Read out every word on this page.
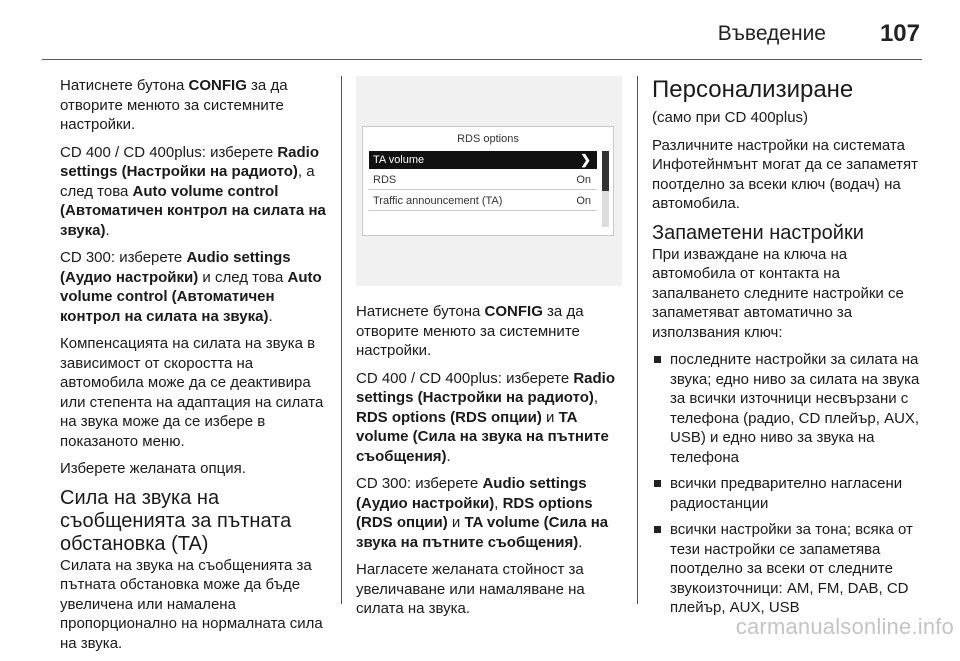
Въведение 107

Натиснете бутона CONFIG за да отворите менюто за системните настройки.

CD 400 / CD 400plus: изберете Radio settings (Настройки на радиото), а след това Auto volume control (Автоматичен контрол на силата на звука).

CD 300: изберете Audio settings (Аудио настройки) и след това Auto volume control (Автоматичен контрол на силата на звука).

Компенсацията на силата на звука в зависимост от скоростта на автомобила може да се деактивира или степента на адаптация на силата на звука може да се избере в показаното меню.

Изберете желаната опция.

Сила на звука на съобщенията за пътната обстановка (TA)

Силата на звука на съобщенията за пътната обстановка може да бъде увеличена или намалена пропорционално на нормалната сила на звука.

RDS options
TA volume	❯
RDS	On
Traffic announcement (TA)	On

Натиснете бутона CONFIG за да отворите менюто за системните настройки.

CD 400 / CD 400plus: изберете Radio settings (Настройки на радиото), RDS options (RDS опции) и TA volume (Сила на звука на пътните съобщения).

CD 300: изберете Audio settings (Аудио настройки), RDS options (RDS опции) и TA volume (Сила на звука на пътните съобщения).

Нагласете желаната стойност за увеличаване или намаляване на силата на звука.

Персонализиране

(само при CD 400plus)

Различните настройки на системата Инфотейнмънт могат да се запаметят поотделно за всеки ключ (водач) на автомобила.

Запаметени настройки

При изваждане на ключа на автомобила от контакта на запалването следните настройки се запаметяват автоматично за използвания ключ:

последните настройки за силата на звука; едно ниво за силата на звука за всички източници несвързани с телефона (радио, CD плейър, AUX, USB) и едно ниво за звука на телефона
всички предварително нагласени радиостанции
всички настройки за тона; всяка от тези настройки се запаметява поотделно за всеки от следните звукоизточници: AM, FM, DAB, CD плейър, AUX, USB
carmanualsonline.info
